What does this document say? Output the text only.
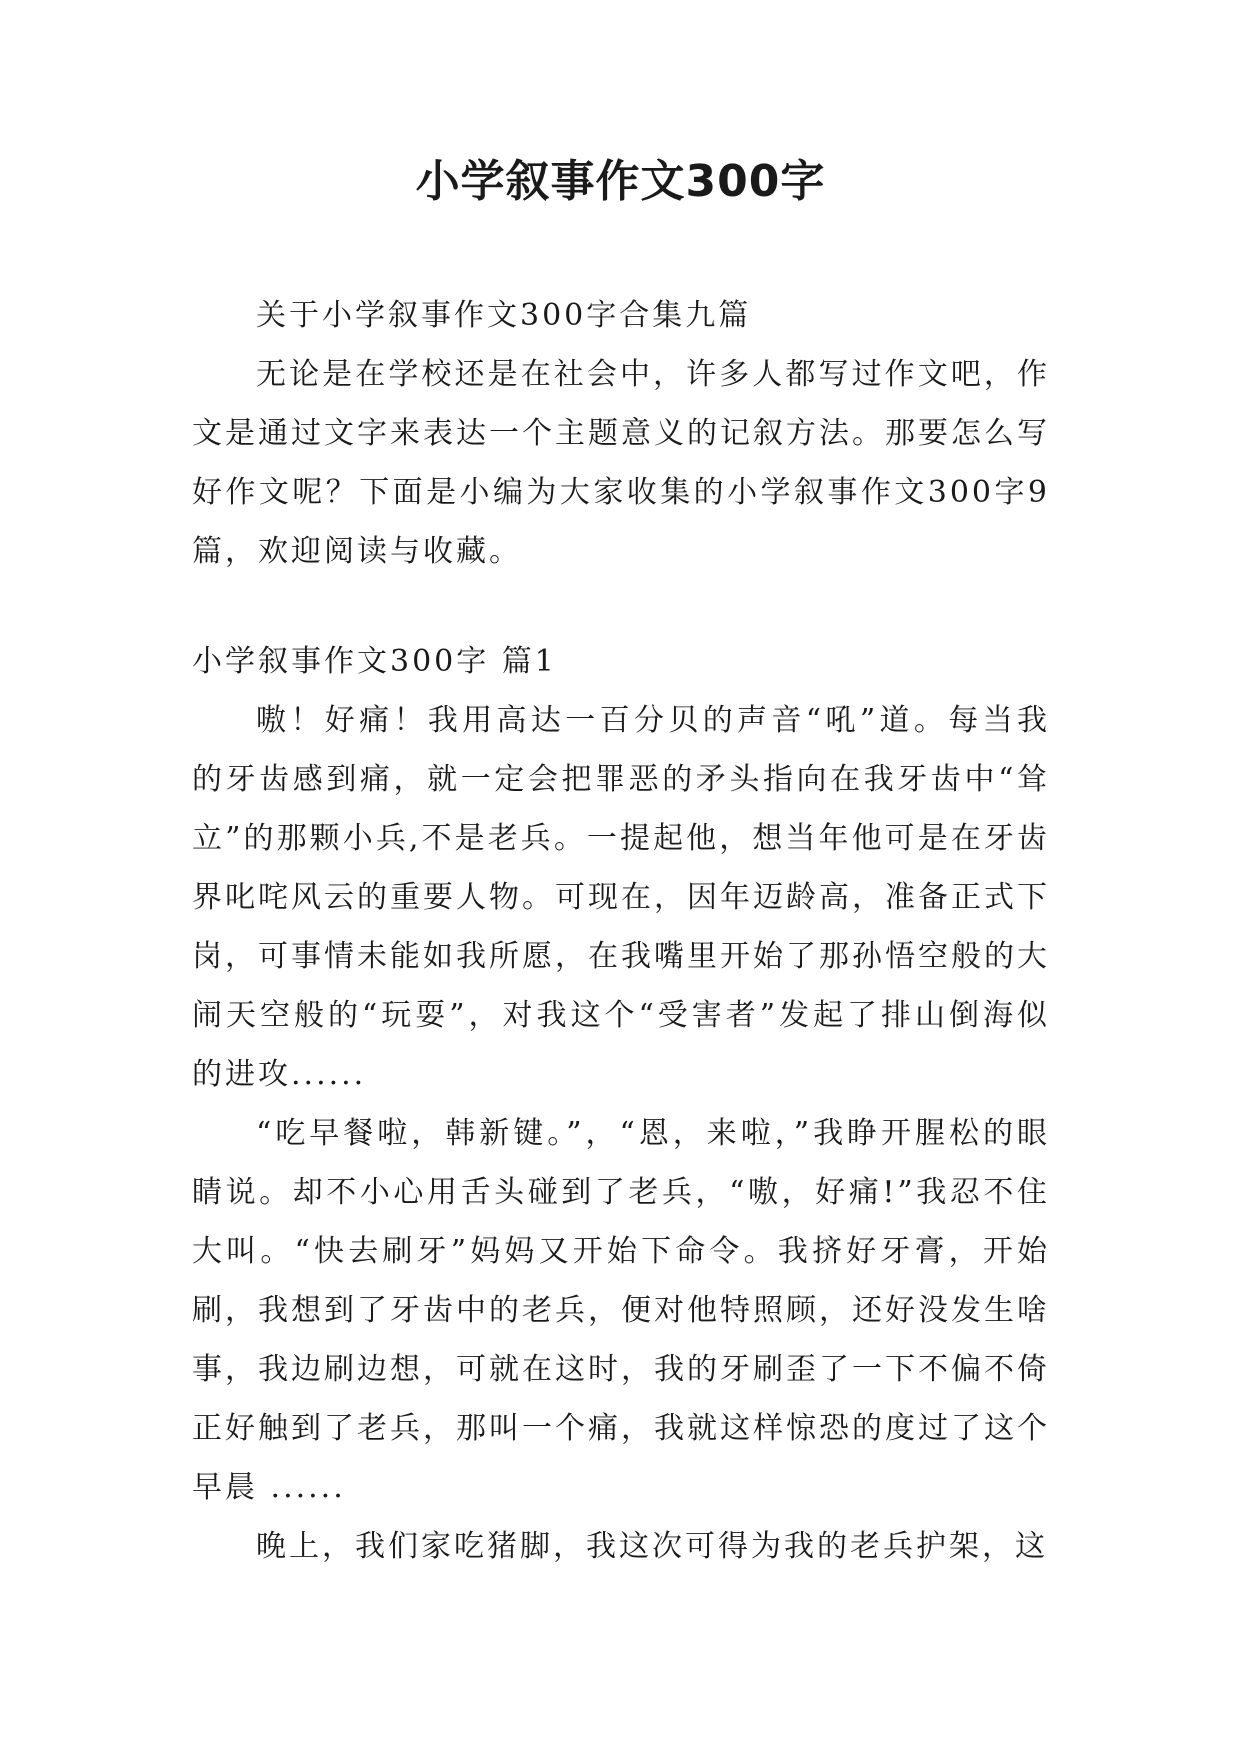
小学叙事作文300字
关于小学叙事作文300字合集九篇
无论是在学校还是在社会中，许多人都写过作文吧，作文是通过文字来表达一个主题意义的记叙方法。那要怎么写好作文呢？下面是小编为大家收集的小学叙事作文300字9篇，欢迎阅读与收藏。
小学叙事作文300字 篇1
嗷！好痛！我用高达一百分贝的声音“吼”道。每当我的牙齿感到痛，就一定会把罪恶的矛头指向在我牙齿中“耸立”的那颗小兵,不是老兵。一提起他，想当年他可是在牙齿界叱咤风云的重要人物。可现在，因年迈龄高，准备正式下岗，可事情未能如我所愿，在我嘴里开始了那孙悟空般的大闹天空般的“玩耍”，对我这个“受害者”发起了排山倒海似的进攻......
“吃早餐啦，韩新键。”，“恩，来啦，”我睁开腥松的眼睛说。却不小心用舌头碰到了老兵，“嗷，好痛!”我忍不住大叫。“快去刷牙”妈妈又开始下命令。我挤好牙膏，开始刷，我想到了牙齿中的老兵，便对他特照顾，还好没发生啥事，我边刷边想，可就在这时，我的牙刷歪了一下不偏不倚正好触到了老兵，那叫一个痛，我就这样惊恐的度过了这个早晨 ......
晚上，我们家吃猪脚，我这次可得为我的老兵护架，这
